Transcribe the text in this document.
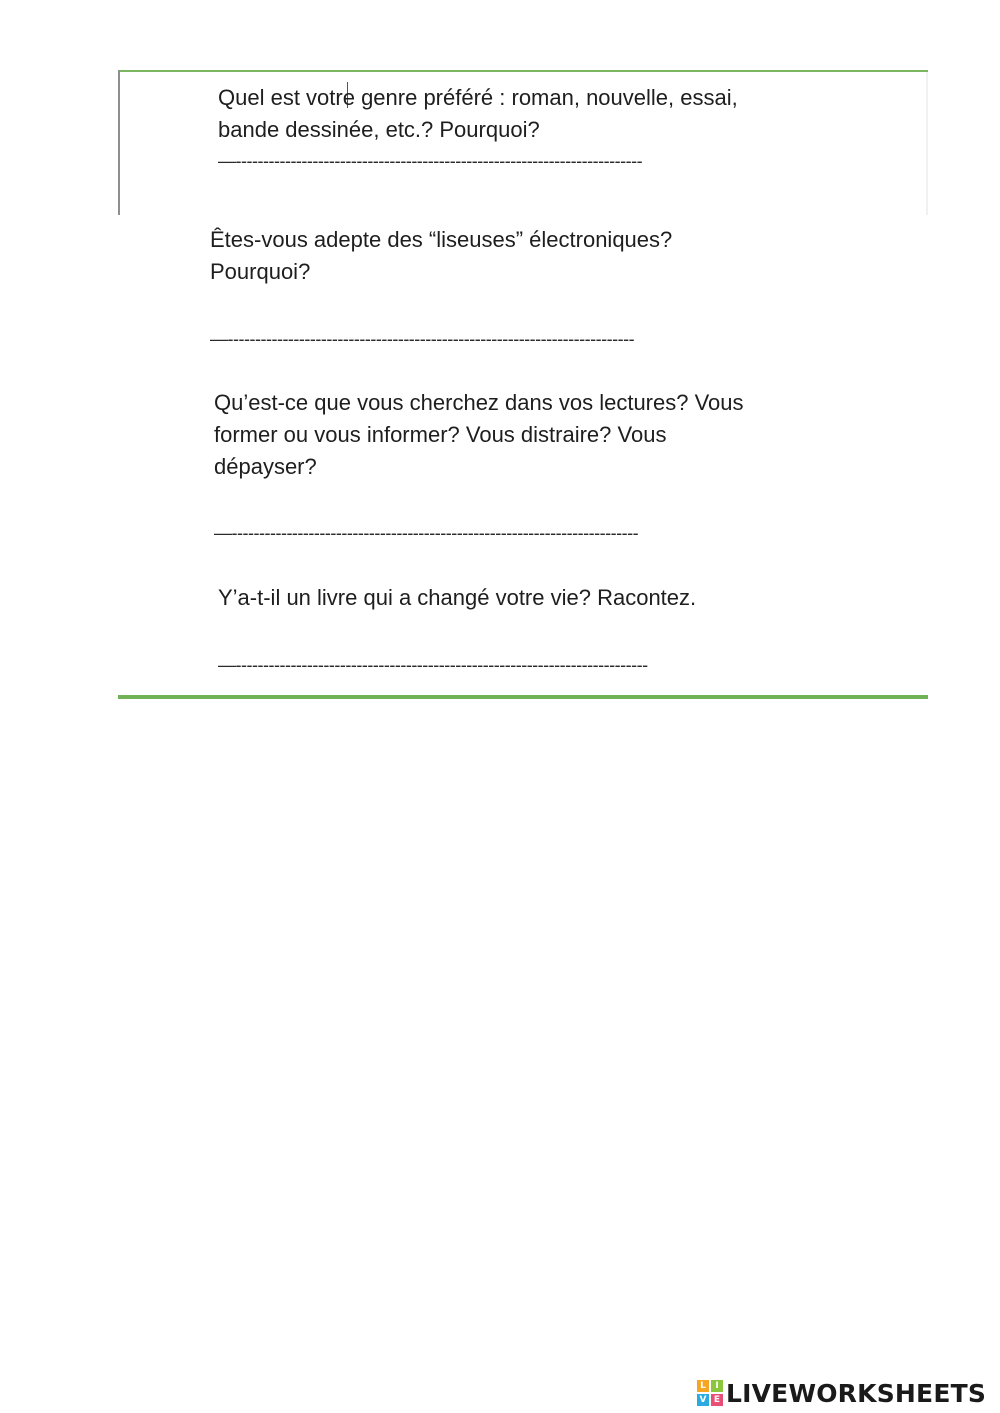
Quel est votre genre préféré : roman, nouvelle, essai,
bande dessinée, etc.? Pourquoi?

—--------------------------------------------------------------------------

Êtes-vous adepte des “liseuses” électroniques?
Pourquoi?

—--------------------------------------------------------------------------

Qu’est-ce que vous cherchez dans vos lectures? Vous
former ou vous informer? Vous distraire? Vous
dépayser?

—--------------------------------------------------------------------------

Y’a-t-il un livre qui a changé votre vie? Racontez.

—---------------------------------------------------------------------------
L	I
V E LIVEWORKSHEETS
